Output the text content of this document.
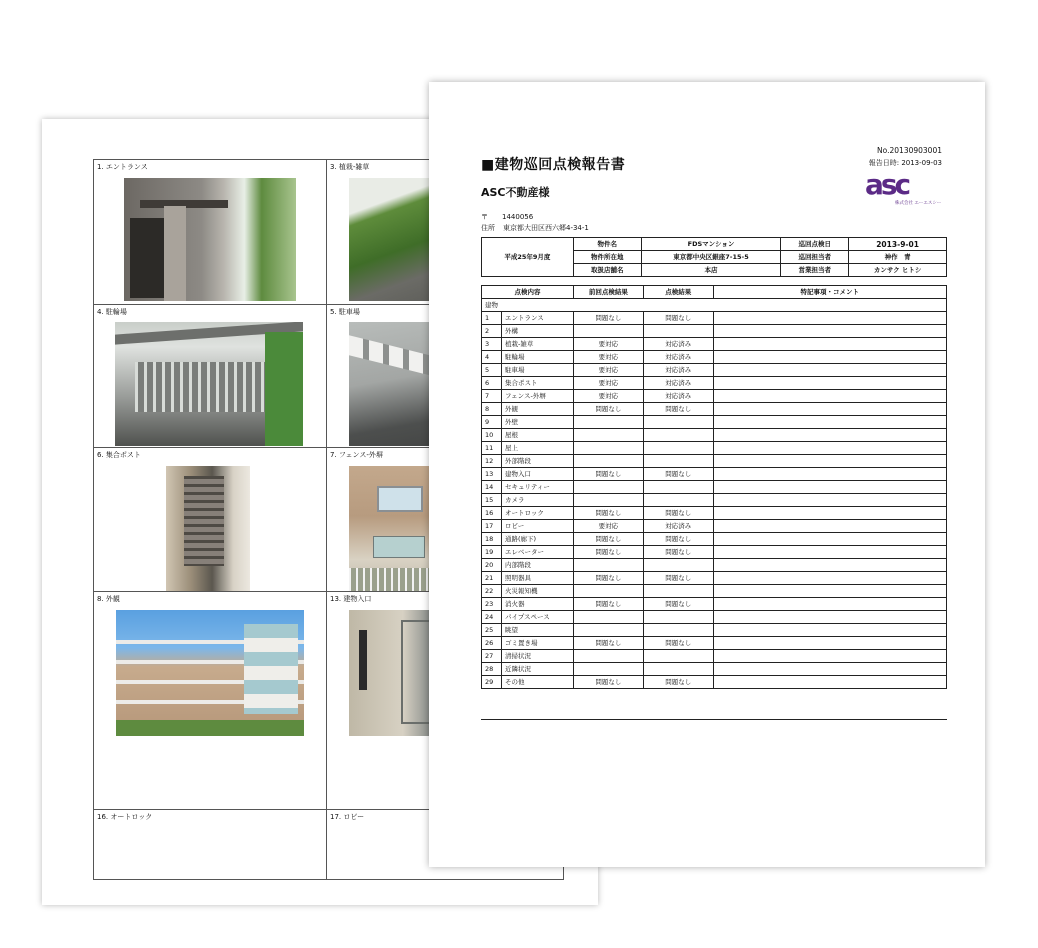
1. エントランス	3. 植栽-雑草
4. 駐輪場	5. 駐車場
6. 集合ポスト	7. フェンス-外塀
8. 外観	13. 建物入口
16. オートロック	17. ロビー
■建物巡回点検報告書
ASC不動産様
No.20130903001
報告日時: 2013-09-03
asc
株式会社 エーエスシー
〒 1440056
住所 東京都大田区西六郷4-34-1
平成25年9月度	物件名	FDSマンション	巡回点検日	2013-9-01
	物件所在地	東京都中央区銀座7-15-5	巡回担当者	神作　青
	取扱店舗名	本店	営業担当者	カンサク ヒトシ
点検内容		前回点検結果	点検結果	特記事項・コメント
建物				
1	エントランス	問題なし	問題なし	
2	外構			
3	植栽-雑草	要対応	対応済み	
4	駐輪場	要対応	対応済み	
5	駐車場	要対応	対応済み	
6	集合ポスト	要対応	対応済み	
7	フェンス-外塀	要対応	対応済み	
8	外観	問題なし	問題なし	
9	外壁			
10	屋根			
11	屋上			
12	外部階段			
13	建物入口	問題なし	問題なし	
14	セキュリティー			
15	カメラ			
16	オートロック	問題なし	問題なし	
17	ロビー	要対応	対応済み	
18	通路(廊下)	問題なし	問題なし	
19	エレベーター	問題なし	問題なし	
20	内部階段			
21	照明器具	問題なし	問題なし	
22	火災報知機			
23	消火器	問題なし	問題なし	
24	パイプスペース			
25	眺望			
26	ゴミ置き場	問題なし	問題なし	
27	清掃状況			
28	近隣状況			
29	その他	問題なし	問題なし	
